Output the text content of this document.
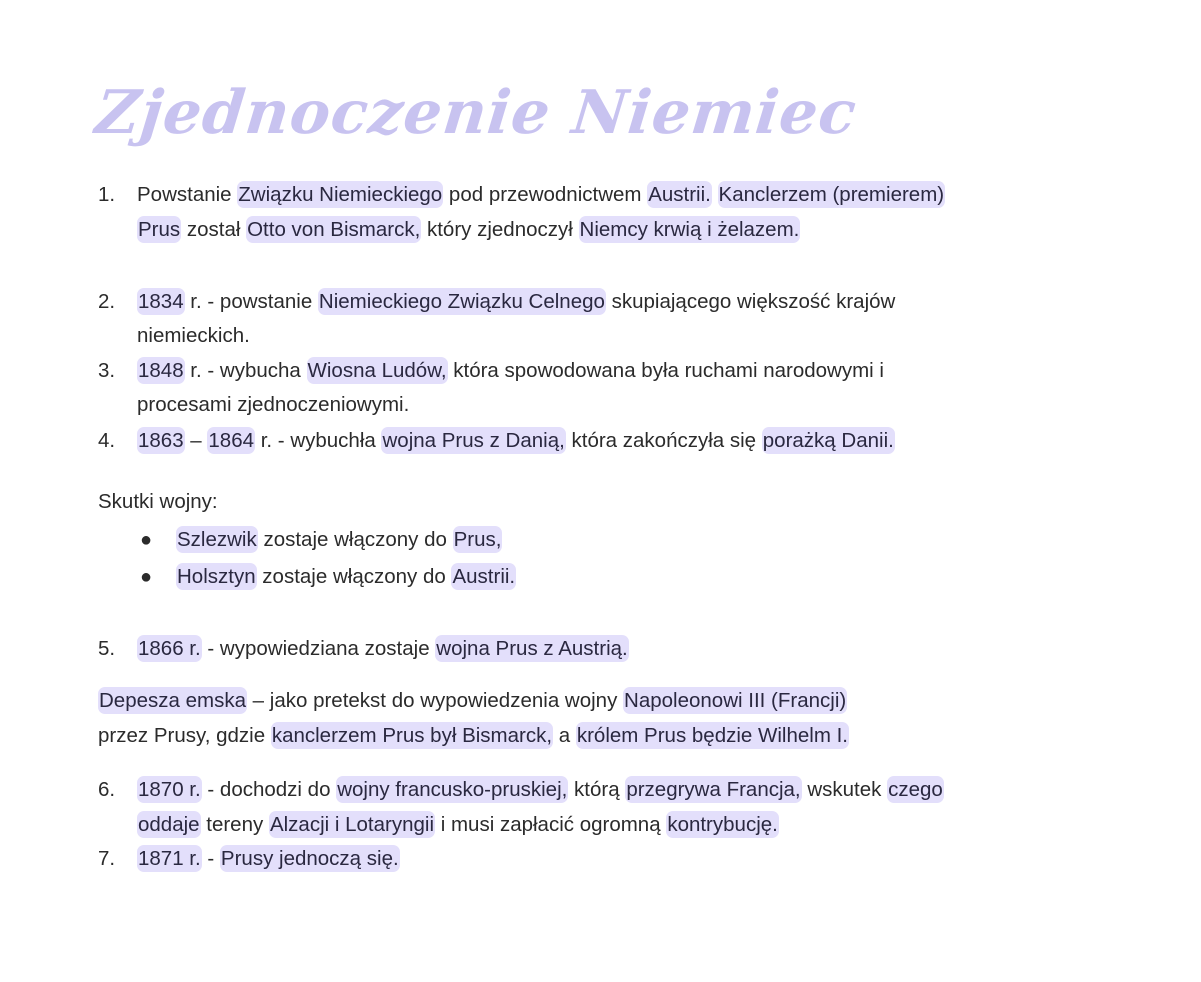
Zjednoczenie Niemiec
1. Powstanie Związku Niemieckiego pod przewodnictwem Austrii. Kanclerzem (premierem)
Prus został Otto von Bismarck, który zjednoczył Niemcy krwią i żelazem.
2. 1834 r. - powstanie Niemieckiego Związku Celnego skupiającego większość krajów
niemieckich.
3. 1848 r. - wybucha Wiosna Ludów, która spowodowana była ruchami narodowymi i
procesami zjednoczeniowymi.
4. 1863 – 1864 r. - wybuchła wojna Prus z Danią, która zakończyła się porażką Danii.
Skutki wojny:
● Szlezwik zostaje włączony do Prus,
● Holsztyn zostaje włączony do Austrii.
5. 1866 r. - wypowiedziana zostaje wojna Prus z Austrią.
Depesza emska – jako pretekst do wypowiedzenia wojny Napoleonowi III (Francji)
przez Prusy, gdzie kanclerzem Prus był Bismarck, a królem Prus będzie Wilhelm I.
6. 1870 r. - dochodzi do wojny francusko-pruskiej, którą przegrywa Francja, wskutek czego
oddaje tereny Alzacji i Lotaryngii i musi zapłacić ogromną kontrybucję.
7. 1871 r. - Prusy jednoczą się.
